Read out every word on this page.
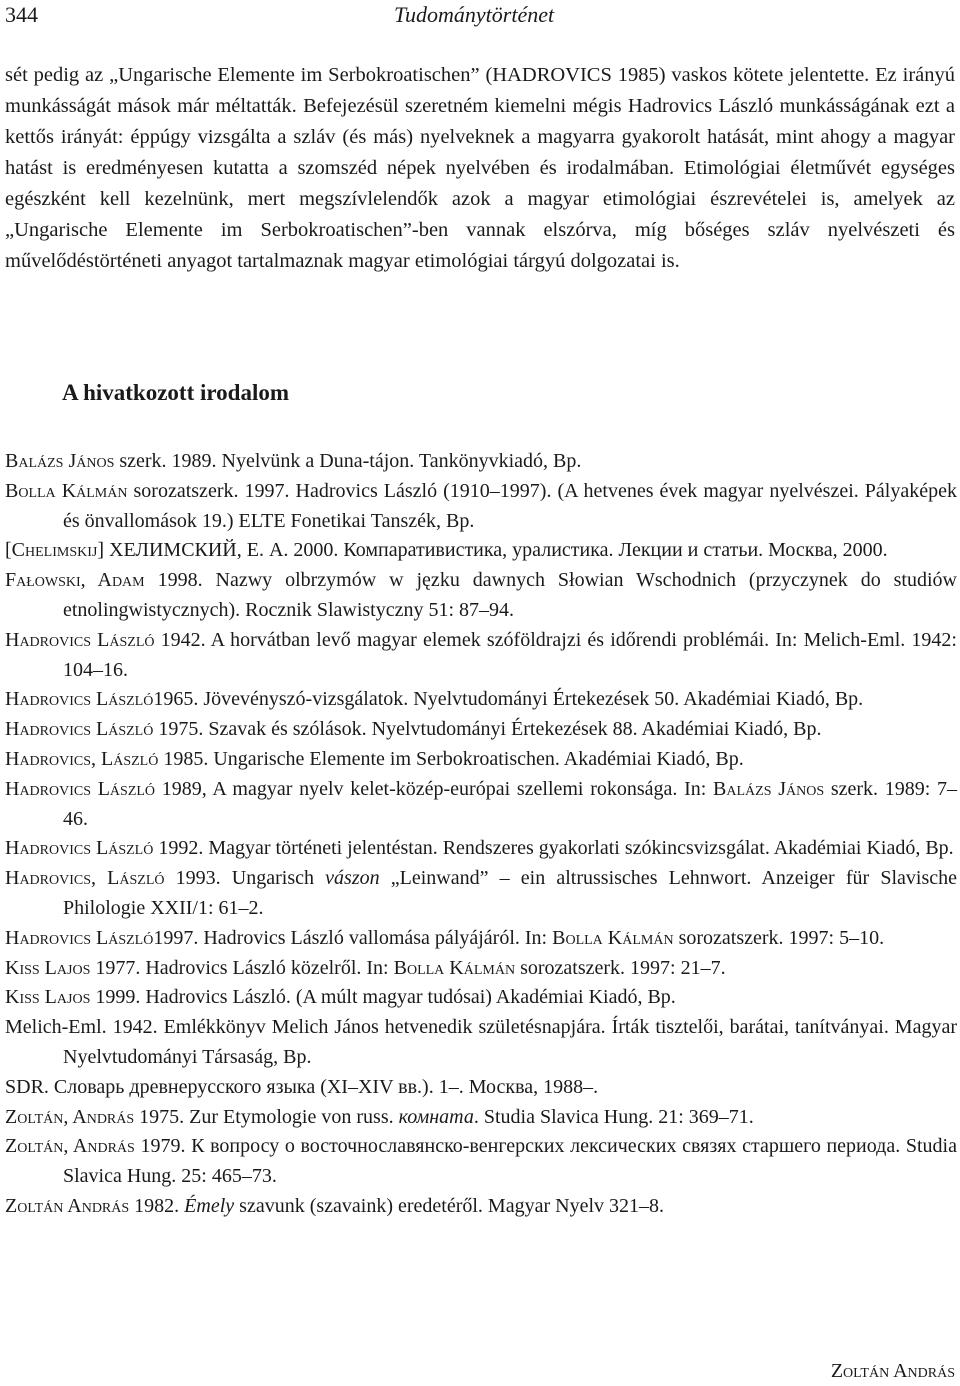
344	Tudománytörténet

sét pedig az „Ungarische Elemente im Serbokroatischen” (HADROVICS 1985) vaskos kötete jelentette. Ez irányú munkásságát mások már méltatták. Befejezésül szeretném kiemelni mégis Hadrovics László munkásságának ezt a kettős irányát: éppúgy vizsgálta a szláv (és más) nyelveknek a magyarra gyakorolt hatását, mint ahogy a magyar hatást is eredményesen kutatta a szomszéd népek nyelvében és irodalmában. Etimológiai életművét egységes egészként kell kezelnünk, mert megszívlelendők azok a magyar etimológiai észrevételei is, amelyek az „Ungarische Elemente im Serbokroatischen”-ben vannak elszórva, míg bőséges szláv nyelvészeti és művelődéstörténeti anyagot tartalmaznak magyar etimológiai tárgyú dolgozatai is.

A hivatkozott irodalom

Balázs János szerk. 1989. Nyelvünk a Duna-tájon. Tankönyvkiadó, Bp.

Bolla Kálmán sorozatszerk. 1997. Hadrovics László (1910–1997). (A hetvenes évek magyar nyelvészei. Pályaképek és önvallomások 19.) ELTE Fonetikai Tanszék, Bp.

[Chelimskij] ХЕЛИМСКИЙ, Е. А. 2000. Компаративистика, уралистика. Лекции и статьи. Москва, 2000.

Fałowski, Adam 1998. Nazwy olbrzymów w jęzku dawnych Słowian Wschodnich (przyczynek do studiów etnolingwistycznych). Rocznik Slawistyczny 51: 87–94.

Hadrovics László 1942. A horvátban levő magyar elemek szóföldrajzi és időrendi problémái. In: Melich-Eml. 1942: 104–16.

Hadrovics László1965. Jövevényszó-vizsgálatok. Nyelvtudományi Értekezések 50. Akadémiai Kiadó, Bp.

Hadrovics László 1975. Szavak és szólások. Nyelvtudományi Értekezések 88. Akadémiai Kiadó, Bp.

Hadrovics, László 1985. Ungarische Elemente im Serbokroatischen. Akadémiai Kiadó, Bp.

Hadrovics László 1989, A magyar nyelv kelet-közép-európai szellemi rokonsága. In: Balázs János szerk. 1989: 7–46.

Hadrovics László 1992. Magyar történeti jelentéstan. Rendszeres gyakorlati szókincsvizsgálat. Akadémiai Kiadó, Bp.

Hadrovics, László 1993. Ungarisch vászon „Leinwand” – ein altrussisches Lehnwort. Anzeiger für Slavische Philologie XXII/1: 61–2.

Hadrovics László1997. Hadrovics László vallomása pályájáról. In: Bolla Kálmán sorozatszerk. 1997: 5–10.

Kiss Lajos 1977. Hadrovics László közelről. In: Bolla Kálmán sorozatszerk. 1997: 21–7.

Kiss Lajos 1999. Hadrovics László. (A múlt magyar tudósai) Akadémiai Kiadó, Bp.

Melich-Eml. 1942. Emlékkönyv Melich János hetvenedik születésnapjára. Írták tisztelői, barátai, tanítványai. Magyar Nyelvtudományi Társaság, Bp.

SDR. Словарь древнерусского языка (XI–XIV вв.). 1–. Москва, 1988–.

Zoltán, András 1975. Zur Etymologie von russ. комната. Studia Slavica Hung. 21: 369–71.

Zoltán, András 1979. К вопросу о восточнославянско-венгерских лексических связях старшего периода. Studia Slavica Hung. 25: 465–73.

Zoltán András 1982. Émely szavunk (szavaink) eredetéről. Magyar Nyelv 321–8.

Zoltán András
